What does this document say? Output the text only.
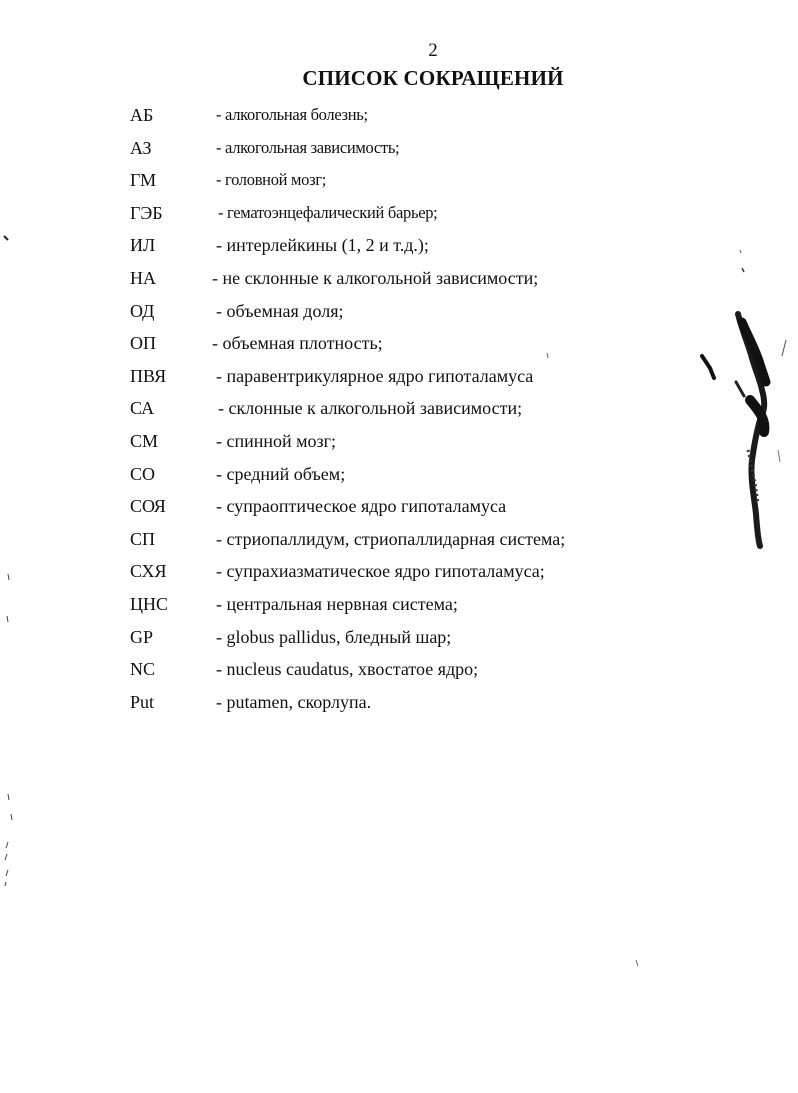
2
СПИСОК СОКРАЩЕНИЙ
АБ	- алкогольная болезнь;
АЗ	- алкогольная зависимость;
ГМ	- головной мозг;
ГЭБ	- гематоэнцефалический барьер;
ИЛ	- интерлейкины (1, 2 и т.д.);
НА	- не склонные к алкогольной зависимости;
ОД	- объемная доля;
ОП	- объемная плотность;
ПВЯ	- паравентрикулярное ядро гипоталамуса
СА	- склонные к алкогольной зависимости;
СМ	- спинной мозг;
СО	- средний объем;
СОЯ	- супраоптическое ядро гипоталамуса
СП	- стриопаллидум, стриопаллидарная система;
СХЯ	- супрахиазматическое ядро гипоталамуса;
ЦНС	- центральная нервная система;
GP	- globus pallidus, бледный шар;
NC	- nucleus caudatus, хвостатое ядро;
Put	- putamen, скорлупа.
